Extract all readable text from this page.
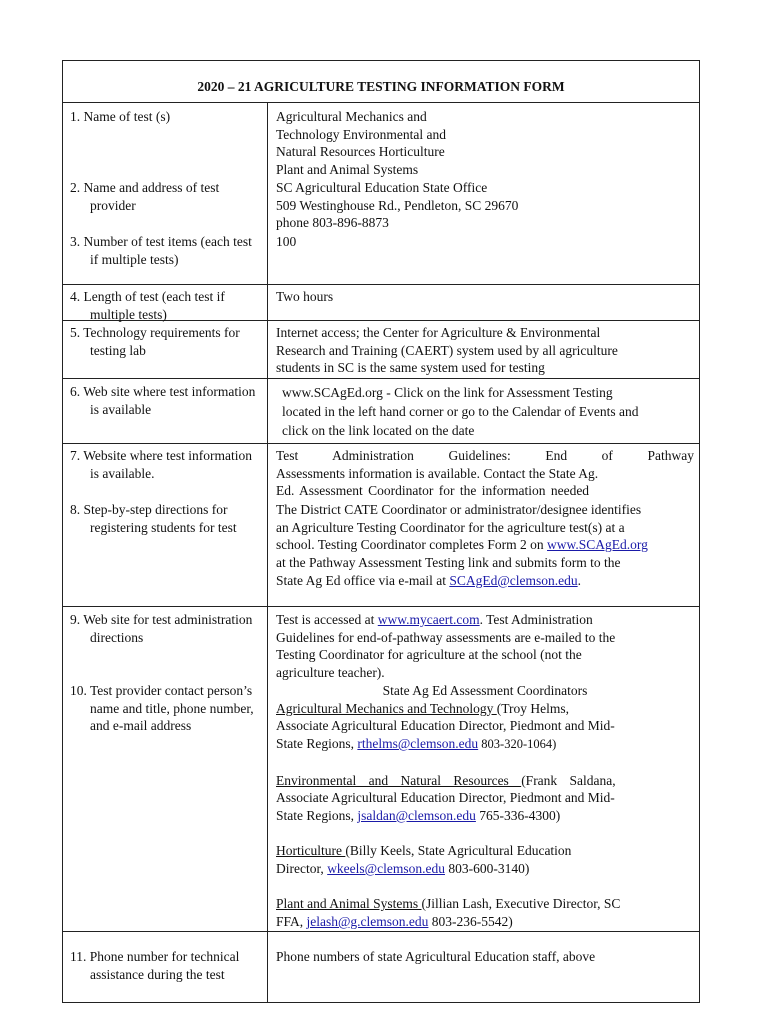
2020 – 21 AGRICULTURE TESTING INFORMATION FORM
1. Name of test (s)	Agricultural Mechanics and
Technology Environmental and
Natural Resources Horticulture
Plant and Animal Systems
2. Name and address of test provider
SC Agricultural Education State Office
509 Westinghouse Rd., Pendleton, SC 29670
phone 803-896-8873
3. Number of test items (each test if multiple tests)
100
4. Length of test (each test if multiple tests)
Two hours
5. Technology requirements for testing lab
Internet access; the Center for Agriculture & Environmental
Research and Training (CAERT) system used by all agriculture
students in SC is the same system used for testing
6. Web site where test information is available
www.SCAgEd.org - Click on the link for Assessment Testing
located in the left hand corner or go to the Calendar of Events and
click on the link located on the date
7. Website where test information is available.
Test Administration Guidelines: End of Pathway
Assessments information is available. Contact the State Ag.
Ed. Assessment Coordinator for the information needed
8. Step-by-step directions for registering students for test
The District CATE Coordinator or administrator/designee identifies
an Agriculture Testing Coordinator for the agriculture test(s) at a
school. Testing Coordinator completes Form 2 on www.SCAgEd.org
at the Pathway Assessment Testing link and submits form to the
State Ag Ed office via e-mail at SCAgEd@clemson.edu.
9. Web site for test administration directions
Test is accessed at www.mycaert.com. Test Administration
Guidelines for end-of-pathway assessments are e-mailed to the
Testing Coordinator for agriculture at the school (not the
agriculture teacher).
10. Test provider contact person’s name and title, phone number, and e-mail address
State Ag Ed Assessment Coordinators
Agricultural Mechanics and Technology (Troy Helms,
Associate Agricultural Education Director, Piedmont and Mid-
State Regions, rthelms@clemson.edu 803-320-1064)
Environmental and Natural Resources (Frank Saldana,
Associate Agricultural Education Director, Piedmont and Mid-
State Regions, jsaldan@clemson.edu 765-336-4300)
Horticulture (Billy Keels, State Agricultural Education
Director, wkeels@clemson.edu 803-600-3140)
Plant and Animal Systems (Jillian Lash, Executive Director, SC
FFA, jelash@g.clemson.edu 803-236-5542)
11. Phone number for technical assistance during the test
Phone numbers of state Agricultural Education staff, above
